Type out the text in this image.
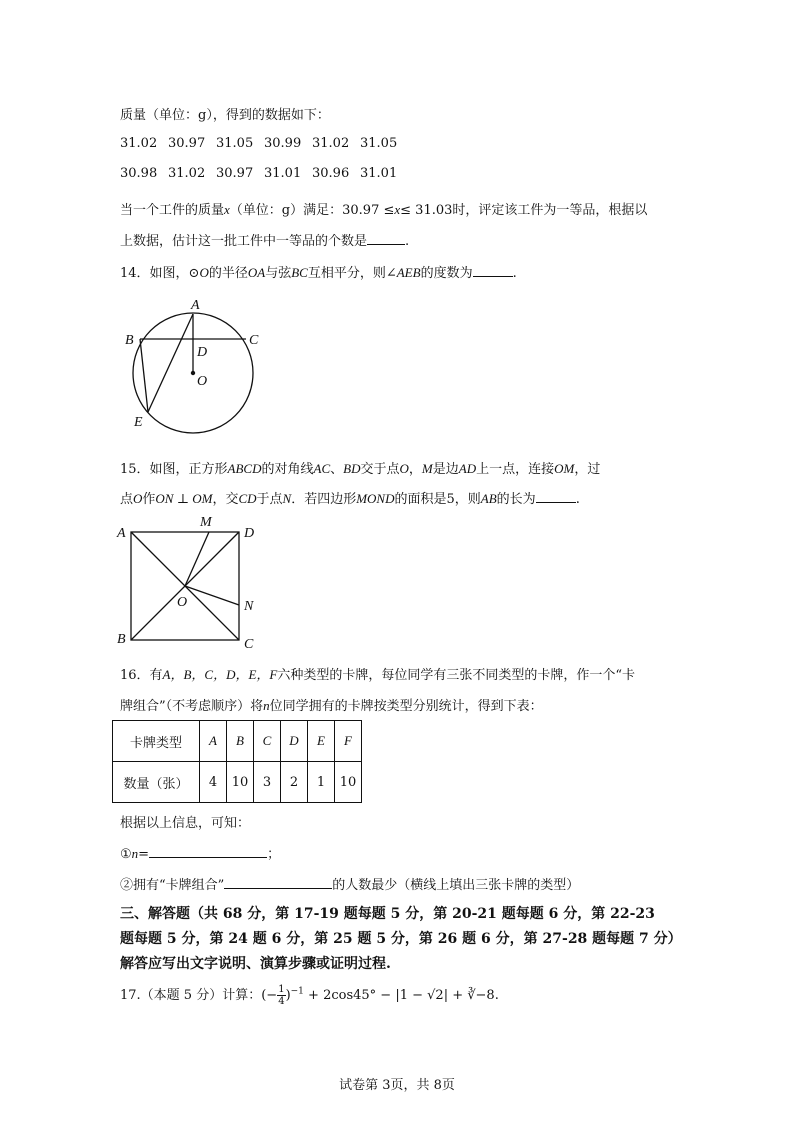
质量（单位：g），得到的数据如下：
31.02 30.97 31.05 30.99 31.02 31.05
30.98 31.02 30.97 31.01 30.96 31.01
当一个工件的质量x（单位：g）满足：30.97 ≤x≤ 31.03时，评定该工件为一等品，根据以
上数据，估计这一批工件中一等品的个数是	.
14．如图，⊙O的半径OA与弦BC互相平分，则∠AEB的度数为	.
A
B	C
D
O
E
15．如图，正方形ABCD的对角线AC、BD交于点O，M是边AD上一点，连接OM，过
点O作ON ⊥ OM，交CD于点N．若四边形MOND的面积是5，则AB的长为	.
A
M
D
O	N
B	C
16．有A，B，C，D，E，F六种类型的卡牌，每位同学有三张不同类型的卡牌，作一个“卡
牌组合”（不考虑顺序）将n位同学拥有的卡牌按类型分别统计，得到下表：
卡牌类型	A	B	C	D	E	F
数量（张）	4	10	3	2	1	10
根据以上信息，可知：
①n=	；
②拥有“卡牌组合”	的人数最少（横线上填出三张卡牌的类型）
三、解答题（共 68 分，第 17-19 题每题 5 分，第 20-21 题每题 6 分，第 22-23
题每题 5 分，第 24 题 6 分，第 25 题 5 分，第 26 题 6 分，第 27-28 题每题 7 分）
解答应写出文字说明、演算步骤或证明过程.
17.（本题 5 分）计算：(− $\frac{1}{4} )^{-1} + 2\cos 45^\circ - |1 - √2|$ + ∛−8.
试卷第 3页，共 8页
